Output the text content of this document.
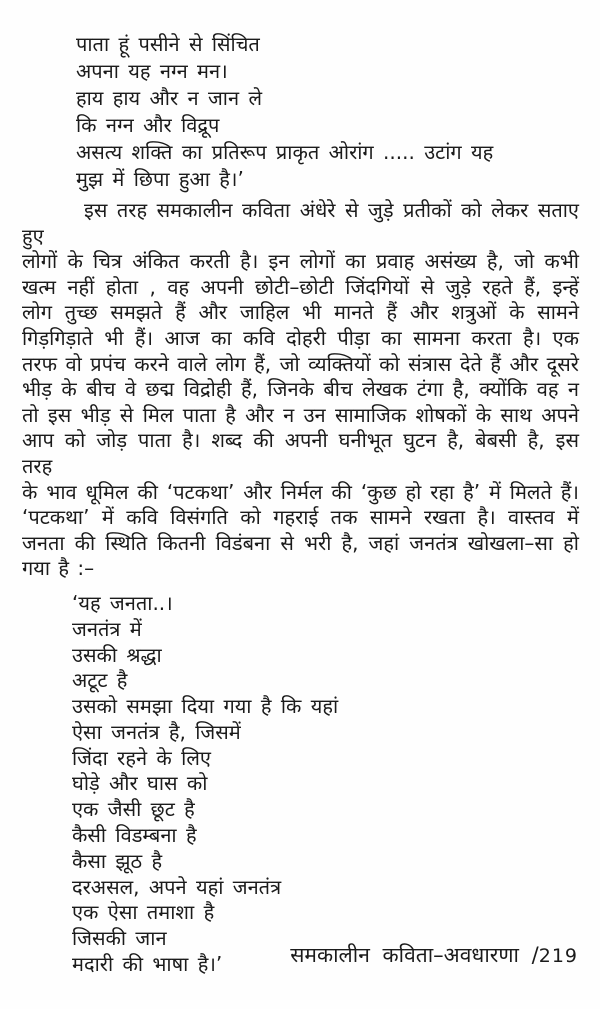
पाता हूं पसीने से सिंचित
अपना यह नग्न मन।
हाय हाय और न जान ले
कि नग्न और विद्रूप
असत्य शक्ति का प्रतिरूप प्राकृत ओरांग ..... उटांग यह
मुझ में छिपा हुआ है।’
इस तरह समकालीन कविता अंधेरे से जुड़े प्रतीकों को लेकर सताए हुए
लोगों के चित्र अंकित करती है। इन लोगों का प्रवाह असंख्य है, जो कभी
खत्म नहीं होता , वह अपनी छोटी–छोटी जिंदगियों से जुड़े रहते हैं, इन्हें
लोग तुच्छ समझते हैं और जाहिल भी मानते हैं और शत्रुओं के सामने
गिड़गिड़ाते भी हैं। आज का कवि दोहरी पीड़ा का सामना करता है। एक
तरफ वो प्रपंच करने वाले लोग हैं, जो व्यक्तियों को संत्रास देते हैं और दूसरे
भीड़ के बीच वे छद्म विद्रोही हैं, जिनके बीच लेखक टंगा है, क्योंकि वह न
तो इस भीड़ से मिल पाता है और न उन सामाजिक शोषकों के साथ अपने
आप को जोड़ पाता है। शब्द की अपनी घनीभूत घुटन है, बेबसी है, इस तरह
के भाव धूमिल की ‘पटकथा’ और निर्मल की ‘कुछ हो रहा है’ में मिलते हैं।
‘पटकथा’ में कवि विसंगति को गहराई तक सामने रखता है। वास्तव में
जनता की स्थिति कितनी विडंबना से भरी है, जहां जनतंत्र खोखला–सा हो
गया है :–
‘यह जनता..।
जनतंत्र में
उसकी श्रद्धा
अटूट है
उसको समझा दिया गया है कि यहां
ऐसा जनतंत्र है, जिसमें
जिंदा रहने के लिए
घोड़े और घास को
एक जैसी छूट है
कैसी विडम्बना है
कैसा झूठ है
दरअसल, अपने यहां जनतंत्र
एक ऐसा तमाशा है
जिसकी जान
मदारी की भाषा है।’	समकालीन कविता–अवधारणा /219
